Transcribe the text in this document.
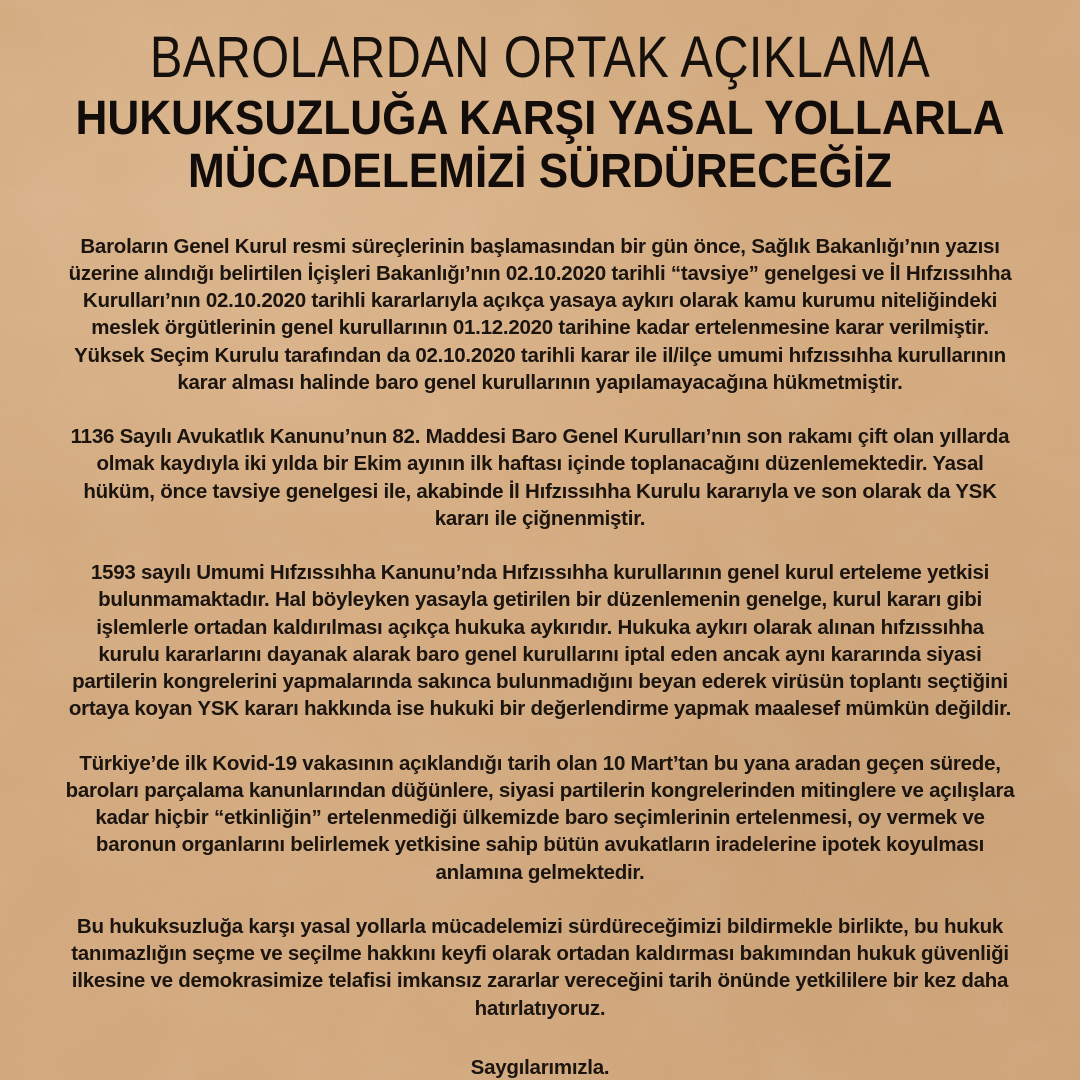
BAROLARDAN ORTAK AÇIKLAMA
HUKUKSUZLUĞA KARŞI YASAL YOLLARLA
MÜCADELEMİZİ SÜRDÜRECEĞİZ

Baroların Genel Kurul resmi süreçlerinin başlamasından bir gün önce, Sağlık Bakanlığı’nın yazısı üzerine alındığı belirtilen İçişleri Bakanlığı’nın 02.10.2020 tarihli “tavsiye” genelgesi ve İl Hıfzıssıhha Kurulları’nın 02.10.2020 tarihli kararlarıyla açıkça yasaya aykırı olarak kamu kurumu niteliğindeki meslek örgütlerinin genel kurullarının 01.12.2020 tarihine kadar ertelenmesine karar verilmiştir. Yüksek Seçim Kurulu tarafından da 02.10.2020 tarihli karar ile il/ilçe umumi hıfzıssıhha kurullarının karar alması halinde baro genel kurullarının yapılamayacağına hükmetmiştir.

1136 Sayılı Avukatlık Kanunu’nun 82. Maddesi Baro Genel Kurulları’nın son rakamı çift olan yıllarda olmak kaydıyla iki yılda bir Ekim ayının ilk haftası içinde toplanacağını düzenlemektedir. Yasal hüküm, önce tavsiye genelgesi ile, akabinde İl Hıfzıssıhha Kurulu kararıyla ve son olarak da YSK kararı ile çiğnenmiştir.

1593 sayılı Umumi Hıfzıssıhha Kanunu’nda Hıfzıssıhha kurullarının genel kurul erteleme yetkisi bulunmamaktadır. Hal böyleyken yasayla getirilen bir düzenlemenin genelge, kurul kararı gibi işlemlerle ortadan kaldırılması açıkça hukuka aykırıdır. Hukuka aykırı olarak alınan hıfzıssıhha kurulu kararlarını dayanak alarak baro genel kurullarını iptal eden ancak aynı kararında siyasi partilerin kongrelerini yapmalarında sakınca bulunmadığını beyan ederek virüsün toplantı seçtiğini ortaya koyan YSK kararı hakkında ise hukuki bir değerlendirme yapmak maalesef mümkün değildir.

Türkiye’de ilk Kovid-19 vakasının açıklandığı tarih olan 10 Mart’tan bu yana aradan geçen sürede, baroları parçalama kanunlarından düğünlere, siyasi partilerin kongrelerinden mitinglere ve açılışlara kadar hiçbir “etkinliğin” ertelenmediği ülkemizde baro seçimlerinin ertelenmesi, oy vermek ve baronun organlarını belirlemek yetkisine sahip bütün avukatların iradelerine ipotek koyulması anlamına gelmektedir.

Bu hukuksuzluğa karşı yasal yollarla mücadelemizi sürdüreceğimizi bildirmekle birlikte, bu hukuk tanımazlığın seçme ve seçilme hakkını keyfi olarak ortadan kaldırması bakımından hukuk güvenliği ilkesine ve demokrasimize telafisi imkansız zararlar vereceğini tarih önünde yetkililere bir kez daha hatırlatıyoruz.

Saygılarımızla.
